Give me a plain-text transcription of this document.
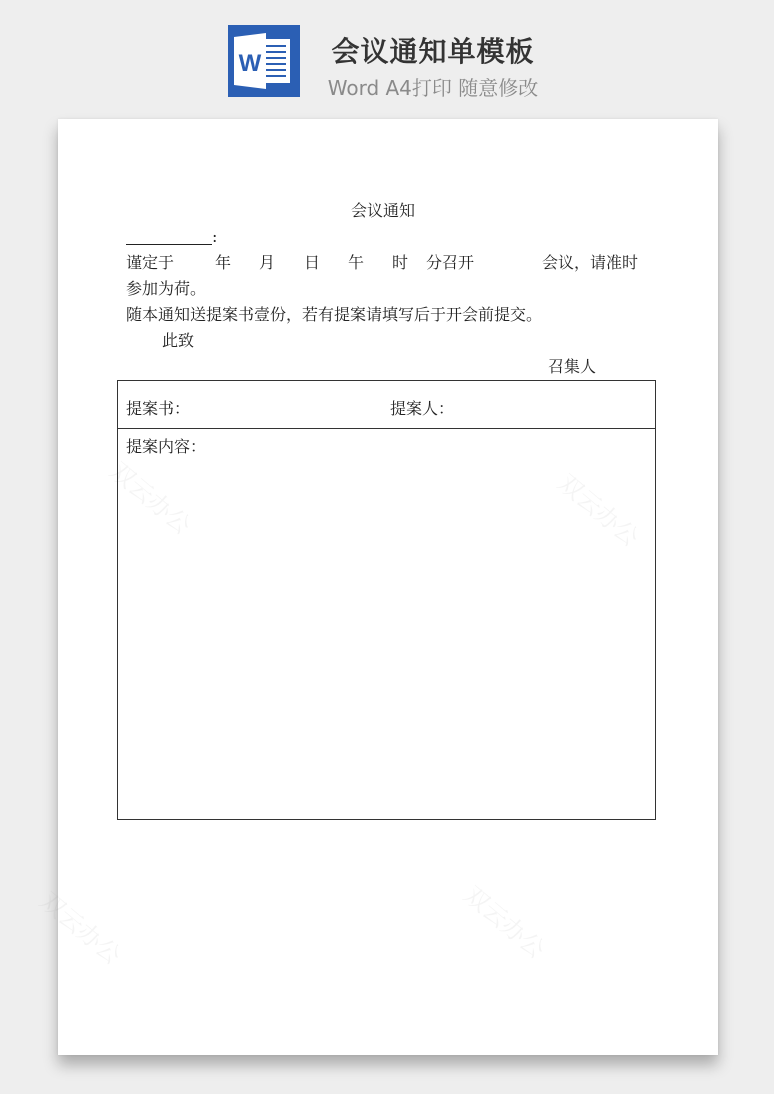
W	会议通知单模板
Word A4打印 随意修改
双云办公	双云办公
双云办公	双云办公
会议通知
:
谨定于	年 月 日 午 时 分召开	会议，请准时
参加为荷。
随本通知送提案书壹份，若有提案请填写后于开会前提交。
此致
召集人
提案书：	提案人：
提案内容：
